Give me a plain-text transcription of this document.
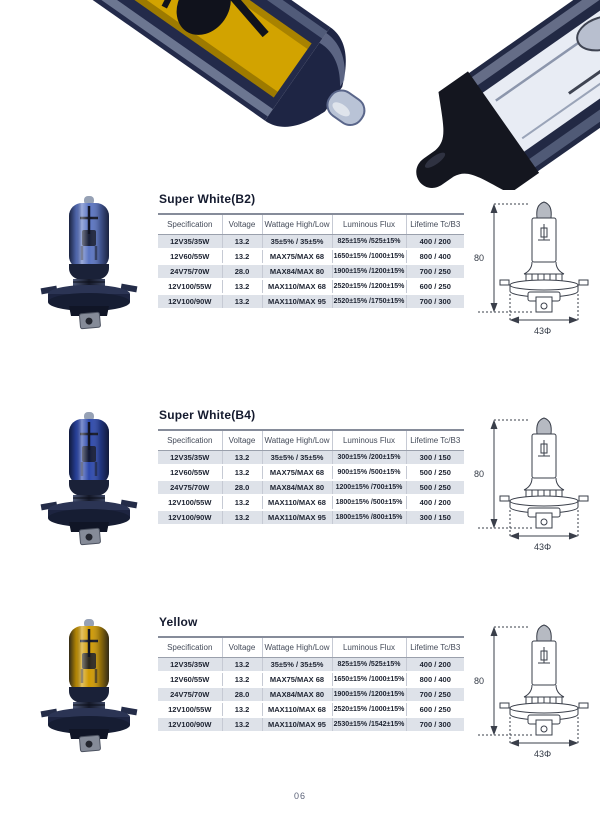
Super White(B2)
Specification	Voltage	Wattage High/Low	Luminous Flux	Lifetime Tc/B3
12V35/35W	13.2	35±5% / 35±5%	825±15% /525±15%	400 / 200
12V60/55W	13.2	MAX75/MAX 68	1650±15% /1000±15%	800 / 400
24V75/70W	28.0	MAX84/MAX 80	1900±15% /1200±15%	700 / 250
12V100/55W	13.2	MAX110/MAX 68	2520±15% /1200±15%	600 / 250
12V100/90W	13.2	MAX110/MAX 95	2520±15% /1750±15%	700 / 300
80
43Φ
Super White(B4)
Specification	Voltage	Wattage High/Low	Luminous Flux	Lifetime Tc/B3
12V35/35W	13.2	35±5% / 35±5%	300±15% /200±15%	300 / 150
12V60/55W	13.2	MAX75/MAX 68	900±15% /500±15%	500 / 250
24V75/70W	28.0	MAX84/MAX 80	1200±15% /700±15%	500 / 250
12V100/55W	13.2	MAX110/MAX 68	1800±15% /500±15%	400 / 200
12V100/90W	13.2	MAX110/MAX 95	1800±15% /800±15%	300 / 150
80
43Φ
Yellow
Specification	Voltage	Wattage High/Low	Luminous Flux	Lifetime Tc/B3
12V35/35W	13.2	35±5% / 35±5%	825±15% /525±15%	400 / 200
12V60/55W	13.2	MAX75/MAX 68	1650±15% /1000±15%	800 / 400
24V75/70W	28.0	MAX84/MAX 80	1900±15% /1200±15%	700 / 250
12V100/55W	13.2	MAX110/MAX 68	2520±15% /1000±15%	600 / 250
12V100/90W	13.2	MAX110/MAX 95	2530±15% /1542±15%	700 / 300
80
43Φ
06
